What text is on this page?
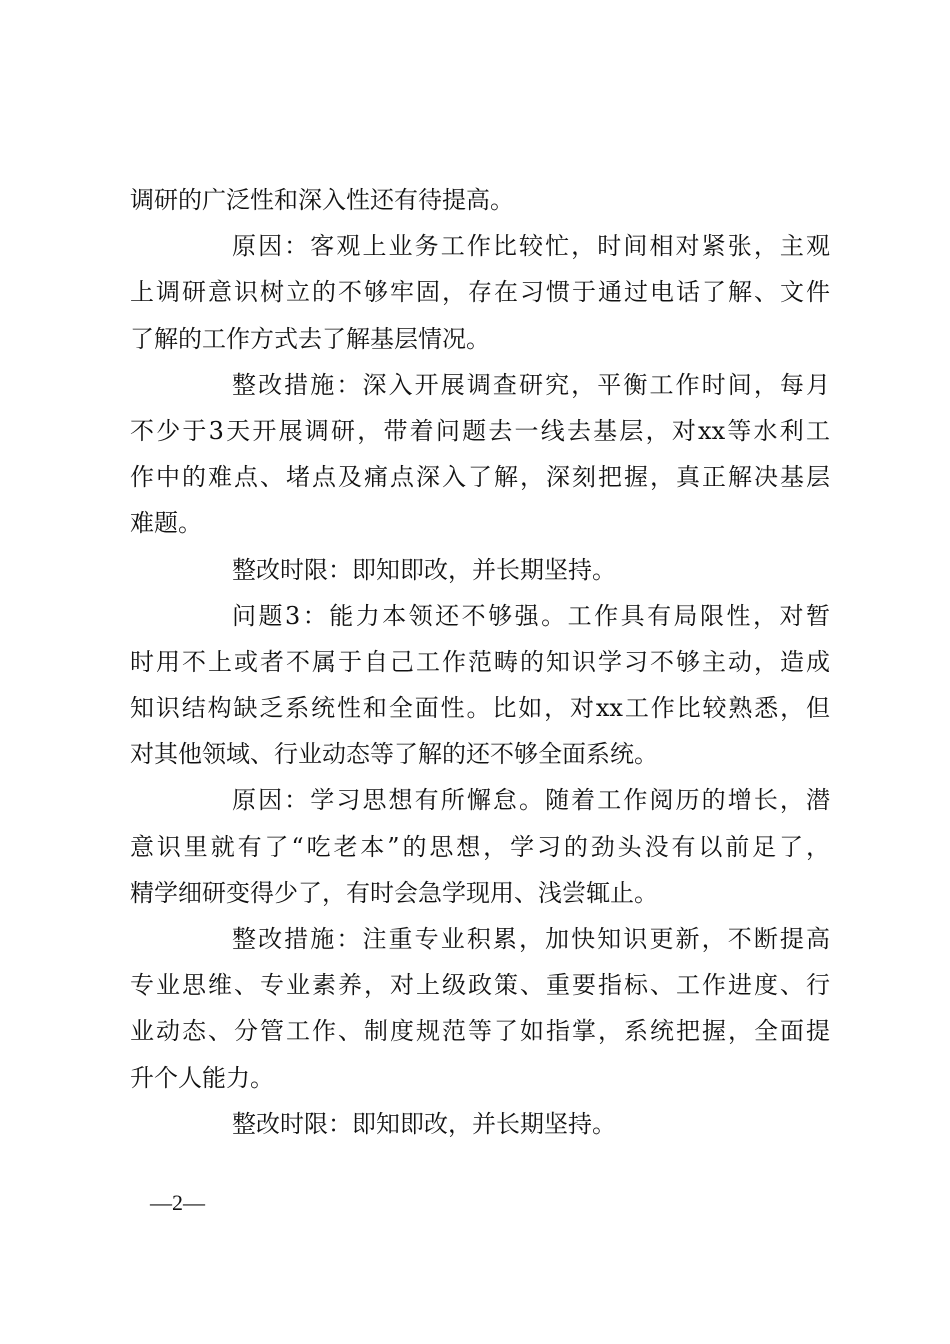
调研的广泛性和深入性还有待提高。
原因：客观上业务工作比较忙，时间相对紧张，主观
上调研意识树立的不够牢固，存在习惯于通过电话了解、文件
了解的工作方式去了解基层情况。
整改措施：深入开展调查研究，平衡工作时间，每月
不少于3天开展调研，带着问题去一线去基层，对xx等水利工
作中的难点、堵点及痛点深入了解，深刻把握，真正解决基层
难题。
整改时限：即知即改，并长期坚持。
问题3：能力本领还不够强。工作具有局限性，对暂
时用不上或者不属于自己工作范畴的知识学习不够主动，造成
知识结构缺乏系统性和全面性。比如，对xx工作比较熟悉，但
对其他领域、行业动态等了解的还不够全面系统。
原因：学习思想有所懈怠。随着工作阅历的增长，潜
意识里就有了“吃老本”的思想，学习的劲头没有以前足了，
精学细研变得少了，有时会急学现用、浅尝辄止。
整改措施：注重专业积累，加快知识更新，不断提高
专业思维、专业素养，对上级政策、重要指标、工作进度、行
业动态、分管工作、制度规范等了如指掌，系统把握，全面提
升个人能力。
整改时限：即知即改，并长期坚持。
—2—
